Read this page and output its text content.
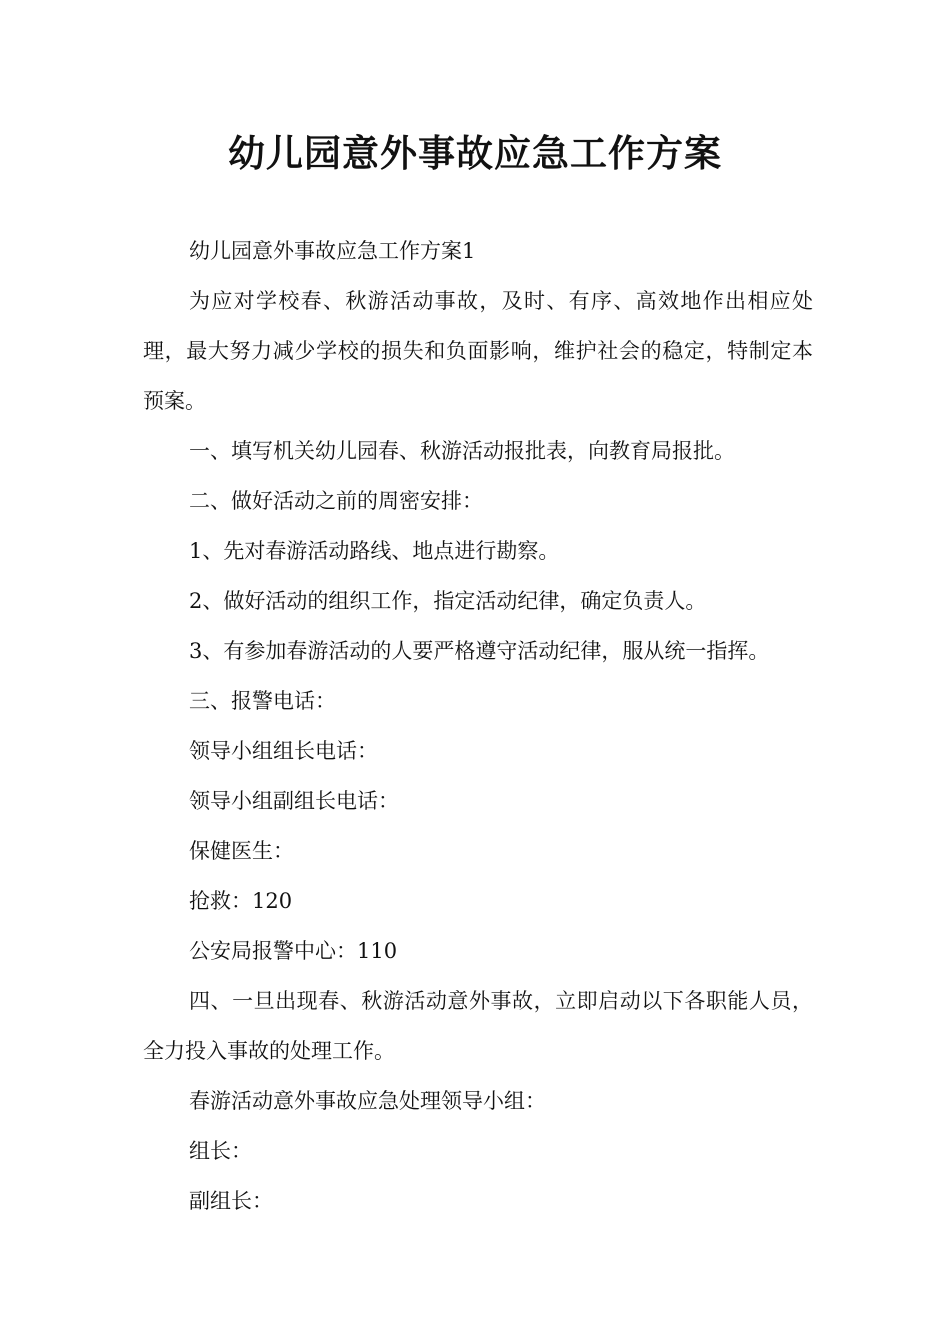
幼儿园意外事故应急工作方案

幼儿园意外事故应急工作方案1

为应对学校春、秋游活动事故，及时、有序、高效地作出相应处理，最大努力减少学校的损失和负面影响，维护社会的稳定，特制定本预案。

一、填写机关幼儿园春、秋游活动报批表，向教育局报批。

二、做好活动之前的周密安排：

1、先对春游活动路线、地点进行勘察。

2、做好活动的组织工作，指定活动纪律，确定负责人。

3、有参加春游活动的人要严格遵守活动纪律，服从统一指挥。

三、报警电话：

领导小组组长电话：

领导小组副组长电话：

保健医生：

抢救：120

公安局报警中心：110

四、一旦出现春、秋游活动意外事故，立即启动以下各职能人员，全力投入事故的处理工作。

春游活动意外事故应急处理领导小组：

组长：

副组长：
